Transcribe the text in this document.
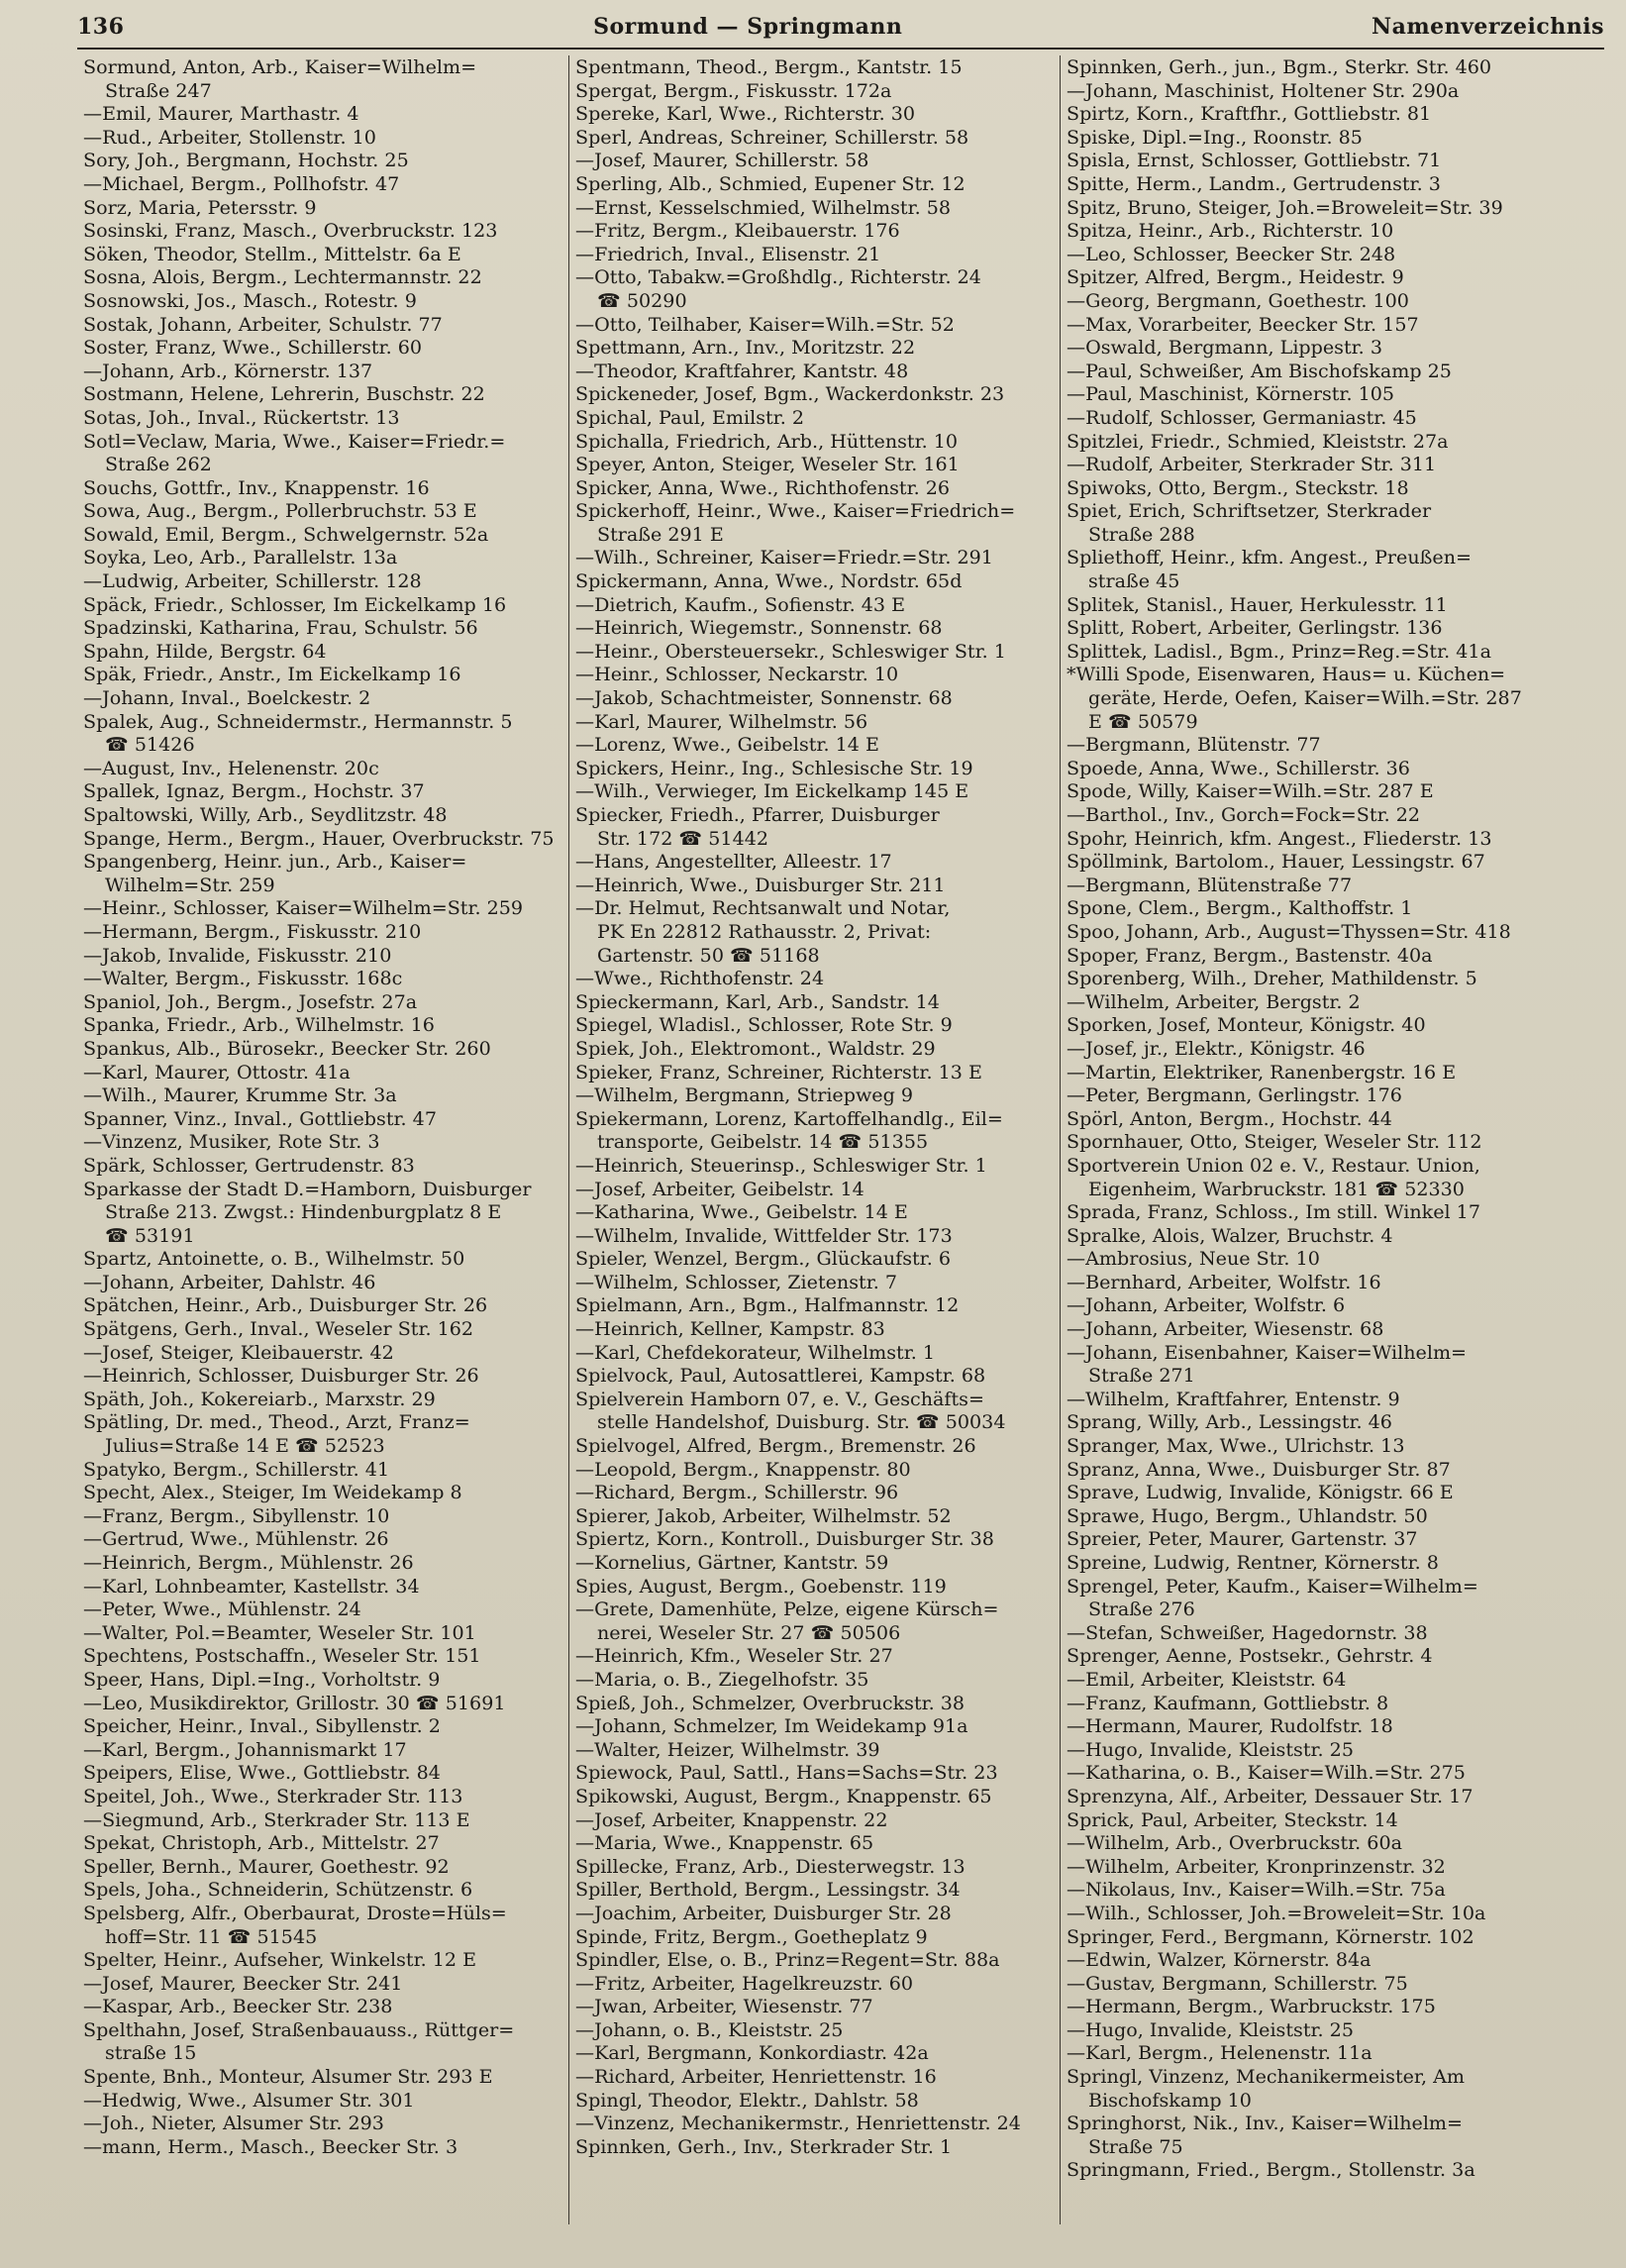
136	Sormund — Springmann	Namenverzeichnis
Sormund, Anton, Arb., Kaiser=Wilhelm=
Straße 247
—Emil, Maurer, Marthastr. 4
—Rud., Arbeiter, Stollenstr. 10
Sory, Joh., Bergmann, Hochstr. 25
—Michael, Bergm., Pollhofstr. 47
Sorz, Maria, Petersstr. 9
Sosinski, Franz, Masch., Overbruckstr. 123
Söken, Theodor, Stellm., Mittelstr. 6a E
Sosna, Alois, Bergm., Lechtermannstr. 22
Sosnowski, Jos., Masch., Rotestr. 9
Sostak, Johann, Arbeiter, Schulstr. 77
Soster, Franz, Wwe., Schillerstr. 60
—Johann, Arb., Körnerstr. 137
Sostmann, Helene, Lehrerin, Buschstr. 22
Sotas, Joh., Inval., Rückertstr. 13
Sotl=Veclaw, Maria, Wwe., Kaiser=Friedr.=
Straße 262
Souchs, Gottfr., Inv., Knappenstr. 16
Sowa, Aug., Bergm., Pollerbruchstr. 53 E
Sowald, Emil, Bergm., Schwelgernstr. 52a
Soyka, Leo, Arb., Parallelstr. 13a
—Ludwig, Arbeiter, Schillerstr. 128
Späck, Friedr., Schlosser, Im Eickelkamp 16
Spadzinski, Katharina, Frau, Schulstr. 56
Spahn, Hilde, Bergstr. 64
Späk, Friedr., Anstr., Im Eickelkamp 16
—Johann, Inval., Boelckestr. 2
Spalek, Aug., Schneidermstr., Hermannstr. 5
☎ 51426
—August, Inv., Helenenstr. 20c
Spallek, Ignaz, Bergm., Hochstr. 37
Spaltowski, Willy, Arb., Seydlitzstr. 48
Spange, Herm., Bergm., Hauer, Overbruckstr. 75
Spangenberg, Heinr. jun., Arb., Kaiser=
Wilhelm=Str. 259
—Heinr., Schlosser, Kaiser=Wilhelm=Str. 259
—Hermann, Bergm., Fiskusstr. 210
—Jakob, Invalide, Fiskusstr. 210
—Walter, Bergm., Fiskusstr. 168c
Spaniol, Joh., Bergm., Josefstr. 27a
Spanka, Friedr., Arb., Wilhelmstr. 16
Spankus, Alb., Bürosekr., Beecker Str. 260
—Karl, Maurer, Ottostr. 41a
—Wilh., Maurer, Krumme Str. 3a
Spanner, Vinz., Inval., Gottliebstr. 47
—Vinzenz, Musiker, Rote Str. 3
Spärk, Schlosser, Gertrudenstr. 83
Sparkasse der Stadt D.=Hamborn, Duisburger
Straße 213. Zwgst.: Hindenburgplatz 8 E
☎ 53191
Spartz, Antoinette, o. B., Wilhelmstr. 50
—Johann, Arbeiter, Dahlstr. 46
Spätchen, Heinr., Arb., Duisburger Str. 26
Spätgens, Gerh., Inval., Weseler Str. 162
—Josef, Steiger, Kleibauerstr. 42
—Heinrich, Schlosser, Duisburger Str. 26
Späth, Joh., Kokereiarb., Marxstr. 29
Spätling, Dr. med., Theod., Arzt, Franz=
Julius=Straße 14 E ☎ 52523
Spatyko, Bergm., Schillerstr. 41
Specht, Alex., Steiger, Im Weidekamp 8
—Franz, Bergm., Sibyllenstr. 10
—Gertrud, Wwe., Mühlenstr. 26
—Heinrich, Bergm., Mühlenstr. 26
—Karl, Lohnbeamter, Kastellstr. 34
—Peter, Wwe., Mühlenstr. 24
—Walter, Pol.=Beamter, Weseler Str. 101
Spechtens, Postschaffn., Weseler Str. 151
Speer, Hans, Dipl.=Ing., Vorholtstr. 9
—Leo, Musikdirektor, Grillostr. 30 ☎ 51691
Speicher, Heinr., Inval., Sibyllenstr. 2
—Karl, Bergm., Johannismarkt 17
Speipers, Elise, Wwe., Gottliebstr. 84
Speitel, Joh., Wwe., Sterkrader Str. 113
—Siegmund, Arb., Sterkrader Str. 113 E
Spekat, Christoph, Arb., Mittelstr. 27
Speller, Bernh., Maurer, Goethestr. 92
Spels, Joha., Schneiderin, Schützenstr. 6
Spelsberg, Alfr., Oberbaurat, Droste=Hüls=
hoff=Str. 11 ☎ 51545
Spelter, Heinr., Aufseher, Winkelstr. 12 E
—Josef, Maurer, Beecker Str. 241
—Kaspar, Arb., Beecker Str. 238
Spelthahn, Josef, Straßenbauauss., Rüttger=
straße 15
Spente, Bnh., Monteur, Alsumer Str. 293 E
—Hedwig, Wwe., Alsumer Str. 301
—Joh., Nieter, Alsumer Str. 293
—mann, Herm., Masch., Beecker Str. 3
Spentmann, Theod., Bergm., Kantstr. 15
Spergat, Bergm., Fiskusstr. 172a
Spereke, Karl, Wwe., Richterstr. 30
Sperl, Andreas, Schreiner, Schillerstr. 58
—Josef, Maurer, Schillerstr. 58
Sperling, Alb., Schmied, Eupener Str. 12
—Ernst, Kesselschmied, Wilhelmstr. 58
—Fritz, Bergm., Kleibauerstr. 176
—Friedrich, Inval., Elisenstr. 21
—Otto, Tabakw.=Großhdlg., Richterstr. 24
☎ 50290
—Otto, Teilhaber, Kaiser=Wilh.=Str. 52
Spettmann, Arn., Inv., Moritzstr. 22
—Theodor, Kraftfahrer, Kantstr. 48
Spickeneder, Josef, Bgm., Wackerdonkstr. 23
Spichal, Paul, Emilstr. 2
Spichalla, Friedrich, Arb., Hüttenstr. 10
Speyer, Anton, Steiger, Weseler Str. 161
Spicker, Anna, Wwe., Richthofenstr. 26
Spickerhoff, Heinr., Wwe., Kaiser=Friedrich=
Straße 291 E
—Wilh., Schreiner, Kaiser=Friedr.=Str. 291
Spickermann, Anna, Wwe., Nordstr. 65d
—Dietrich, Kaufm., Sofienstr. 43 E
—Heinrich, Wiegemstr., Sonnenstr. 68
—Heinr., Obersteuersekr., Schleswiger Str. 1
—Heinr., Schlosser, Neckarstr. 10
—Jakob, Schachtmeister, Sonnenstr. 68
—Karl, Maurer, Wilhelmstr. 56
—Lorenz, Wwe., Geibelstr. 14 E
Spickers, Heinr., Ing., Schlesische Str. 19
—Wilh., Verwieger, Im Eickelkamp 145 E
Spiecker, Friedh., Pfarrer, Duisburger
Str. 172 ☎ 51442
—Hans, Angestellter, Alleestr. 17
—Heinrich, Wwe., Duisburger Str. 211
—Dr. Helmut, Rechtsanwalt und Notar,
PK En 22812 Rathausstr. 2, Privat:
Gartenstr. 50 ☎ 51168
—Wwe., Richthofenstr. 24
Spieckermann, Karl, Arb., Sandstr. 14
Spiegel, Wladisl., Schlosser, Rote Str. 9
Spiek, Joh., Elektromont., Waldstr. 29
Spieker, Franz, Schreiner, Richterstr. 13 E
—Wilhelm, Bergmann, Striepweg 9
Spiekermann, Lorenz, Kartoffelhandlg., Eil=
transporte, Geibelstr. 14 ☎ 51355
—Heinrich, Steuerinsp., Schleswiger Str. 1
—Josef, Arbeiter, Geibelstr. 14
—Katharina, Wwe., Geibelstr. 14 E
—Wilhelm, Invalide, Wittfelder Str. 173
Spieler, Wenzel, Bergm., Glückaufstr. 6
—Wilhelm, Schlosser, Zietenstr. 7
Spielmann, Arn., Bgm., Halfmannstr. 12
—Heinrich, Kellner, Kampstr. 83
—Karl, Chefdekorateur, Wilhelmstr. 1
Spielvock, Paul, Autosattlerei, Kampstr. 68
Spielverein Hamborn 07, e. V., Geschäfts=
stelle Handelshof, Duisburg. Str. ☎ 50034
Spielvogel, Alfred, Bergm., Bremenstr. 26
—Leopold, Bergm., Knappenstr. 80
—Richard, Bergm., Schillerstr. 96
Spierer, Jakob, Arbeiter, Wilhelmstr. 52
Spiertz, Korn., Kontroll., Duisburger Str. 38
—Kornelius, Gärtner, Kantstr. 59
Spies, August, Bergm., Goebenstr. 119
—Grete, Damenhüte, Pelze, eigene Kürsch=
nerei, Weseler Str. 27 ☎ 50506
—Heinrich, Kfm., Weseler Str. 27
—Maria, o. B., Ziegelhofstr. 35
Spieß, Joh., Schmelzer, Overbruckstr. 38
—Johann, Schmelzer, Im Weidekamp 91a
—Walter, Heizer, Wilhelmstr. 39
Spiewock, Paul, Sattl., Hans=Sachs=Str. 23
Spikowski, August, Bergm., Knappenstr. 65
—Josef, Arbeiter, Knappenstr. 22
—Maria, Wwe., Knappenstr. 65
Spillecke, Franz, Arb., Diesterwegstr. 13
Spiller, Berthold, Bergm., Lessingstr. 34
—Joachim, Arbeiter, Duisburger Str. 28
Spinde, Fritz, Bergm., Goetheplatz 9
Spindler, Else, o. B., Prinz=Regent=Str. 88a
—Fritz, Arbeiter, Hagelkreuzstr. 60
—Jwan, Arbeiter, Wiesenstr. 77
—Johann, o. B., Kleiststr. 25
—Karl, Bergmann, Konkordiastr. 42a
—Richard, Arbeiter, Henriettenstr. 16
Spingl, Theodor, Elektr., Dahlstr. 58
—Vinzenz, Mechanikermstr., Henriettenstr. 24
Spinnken, Gerh., Inv., Sterkrader Str. 1
Spinnken, Gerh., jun., Bgm., Sterkr. Str. 460
—Johann, Maschinist, Holtener Str. 290a
Spirtz, Korn., Kraftfhr., Gottliebstr. 81
Spiske, Dipl.=Ing., Roonstr. 85
Spisla, Ernst, Schlosser, Gottliebstr. 71
Spitte, Herm., Landm., Gertrudenstr. 3
Spitz, Bruno, Steiger, Joh.=Broweleit=Str. 39
Spitza, Heinr., Arb., Richterstr. 10
—Leo, Schlosser, Beecker Str. 248
Spitzer, Alfred, Bergm., Heidestr. 9
—Georg, Bergmann, Goethestr. 100
—Max, Vorarbeiter, Beecker Str. 157
—Oswald, Bergmann, Lippestr. 3
—Paul, Schweißer, Am Bischofskamp 25
—Paul, Maschinist, Körnerstr. 105
—Rudolf, Schlosser, Germaniastr. 45
Spitzlei, Friedr., Schmied, Kleiststr. 27a
—Rudolf, Arbeiter, Sterkrader Str. 311
Spiwoks, Otto, Bergm., Steckstr. 18
Spiet, Erich, Schriftsetzer, Sterkrader
Straße 288
Spliethoff, Heinr., kfm. Angest., Preußen=
straße 45
Splitek, Stanisl., Hauer, Herkulesstr. 11
Splitt, Robert, Arbeiter, Gerlingstr. 136
Splittek, Ladisl., Bgm., Prinz=Reg.=Str. 41a
*Willi Spode, Eisenwaren, Haus= u. Küchen=
geräte, Herde, Oefen, Kaiser=Wilh.=Str. 287
E ☎ 50579
—Bergmann, Blütenstr. 77
Spoede, Anna, Wwe., Schillerstr. 36
Spode, Willy, Kaiser=Wilh.=Str. 287 E
—Barthol., Inv., Gorch=Fock=Str. 22
Spohr, Heinrich, kfm. Angest., Fliederstr. 13
Spöllmink, Bartolom., Hauer, Lessingstr. 67
—Bergmann, Blütenstraße 77
Spone, Clem., Bergm., Kalthoffstr. 1
Spoo, Johann, Arb., August=Thyssen=Str. 418
Spoper, Franz, Bergm., Bastenstr. 40a
Sporenberg, Wilh., Dreher, Mathildenstr. 5
—Wilhelm, Arbeiter, Bergstr. 2
Sporken, Josef, Monteur, Königstr. 40
—Josef, jr., Elektr., Königstr. 46
—Martin, Elektriker, Ranenbergstr. 16 E
—Peter, Bergmann, Gerlingstr. 176
Spörl, Anton, Bergm., Hochstr. 44
Spornhauer, Otto, Steiger, Weseler Str. 112
Sportverein Union 02 e. V., Restaur. Union,
Eigenheim, Warbruckstr. 181 ☎ 52330
Sprada, Franz, Schloss., Im still. Winkel 17
Spralke, Alois, Walzer, Bruchstr. 4
—Ambrosius, Neue Str. 10
—Bernhard, Arbeiter, Wolfstr. 16
—Johann, Arbeiter, Wolfstr. 6
—Johann, Arbeiter, Wiesenstr. 68
—Johann, Eisenbahner, Kaiser=Wilhelm=
Straße 271
—Wilhelm, Kraftfahrer, Entenstr. 9
Sprang, Willy, Arb., Lessingstr. 46
Spranger, Max, Wwe., Ulrichstr. 13
Spranz, Anna, Wwe., Duisburger Str. 87
Sprave, Ludwig, Invalide, Königstr. 66 E
Sprawe, Hugo, Bergm., Uhlandstr. 50
Spreier, Peter, Maurer, Gartenstr. 37
Spreine, Ludwig, Rentner, Körnerstr. 8
Sprengel, Peter, Kaufm., Kaiser=Wilhelm=
Straße 276
—Stefan, Schweißer, Hagedornstr. 38
Sprenger, Aenne, Postsekr., Gehrstr. 4
—Emil, Arbeiter, Kleiststr. 64
—Franz, Kaufmann, Gottliebstr. 8
—Hermann, Maurer, Rudolfstr. 18
—Hugo, Invalide, Kleiststr. 25
—Katharina, o. B., Kaiser=Wilh.=Str. 275
Sprenzyna, Alf., Arbeiter, Dessauer Str. 17
Sprick, Paul, Arbeiter, Steckstr. 14
—Wilhelm, Arb., Overbruckstr. 60a
—Wilhelm, Arbeiter, Kronprinzenstr. 32
—Nikolaus, Inv., Kaiser=Wilh.=Str. 75a
—Wilh., Schlosser, Joh.=Broweleit=Str. 10a
Springer, Ferd., Bergmann, Körnerstr. 102
—Edwin, Walzer, Körnerstr. 84a
—Gustav, Bergmann, Schillerstr. 75
—Hermann, Bergm., Warbruckstr. 175
—Hugo, Invalide, Kleiststr. 25
—Karl, Bergm., Helenenstr. 11a
Springl, Vinzenz, Mechanikermeister, Am
Bischofskamp 10
Springhorst, Nik., Inv., Kaiser=Wilhelm=
Straße 75
Springmann, Fried., Bergm., Stollenstr. 3a
